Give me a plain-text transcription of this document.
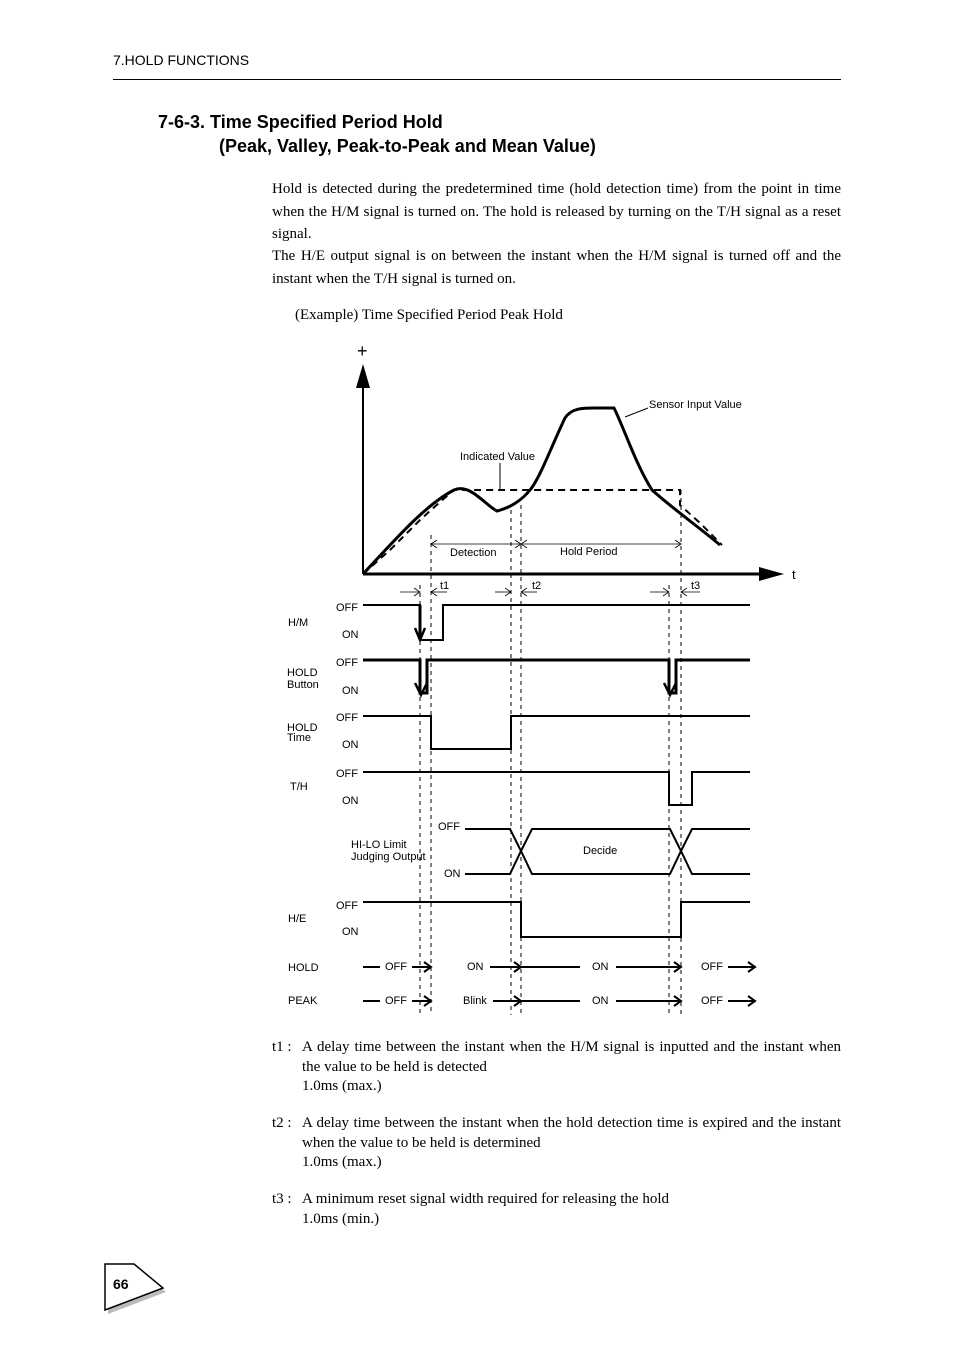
7.HOLD FUNCTIONS
7-6-3. Time Specified Period Hold
(Peak, Valley, Peak-to-Peak and Mean Value)

Hold is detected during the predetermined time (hold detection time) from the point in time when the H/M signal is turned on. The hold is released by turning on the T/H signal as a reset signal.

The H/E output signal is on between the instant when the H/M signal is turned off and the instant when the T/H signal is turned on.

(Example) Time Specified Period Peak Hold
+
t
Sensor Input Value
Indicated Value
Detection	Hold Period
t1	t2	t3
H/M
OFF
ON
HOLD
Button
OFF
ON
HOLD
Time
OFF
ON
T/H
OFF
ON
HI-LO Limit
Judging Output
OFF
ON
Decide
H/E
OFF
ON
HOLD	OFF	ON	ON	OFF
PEAK	OFF	Blink	ON	OFF
t1 : A delay time between the instant when the H/M signal is inputted and the instant when the value to be held is detected
1.0ms (max.)
t2 : A delay time between the instant when the hold detection time is expired and the instant when the value to be held is determined
1.0ms (max.)
t3 : A minimum reset signal width required for releasing the hold
1.0ms (min.)
66
